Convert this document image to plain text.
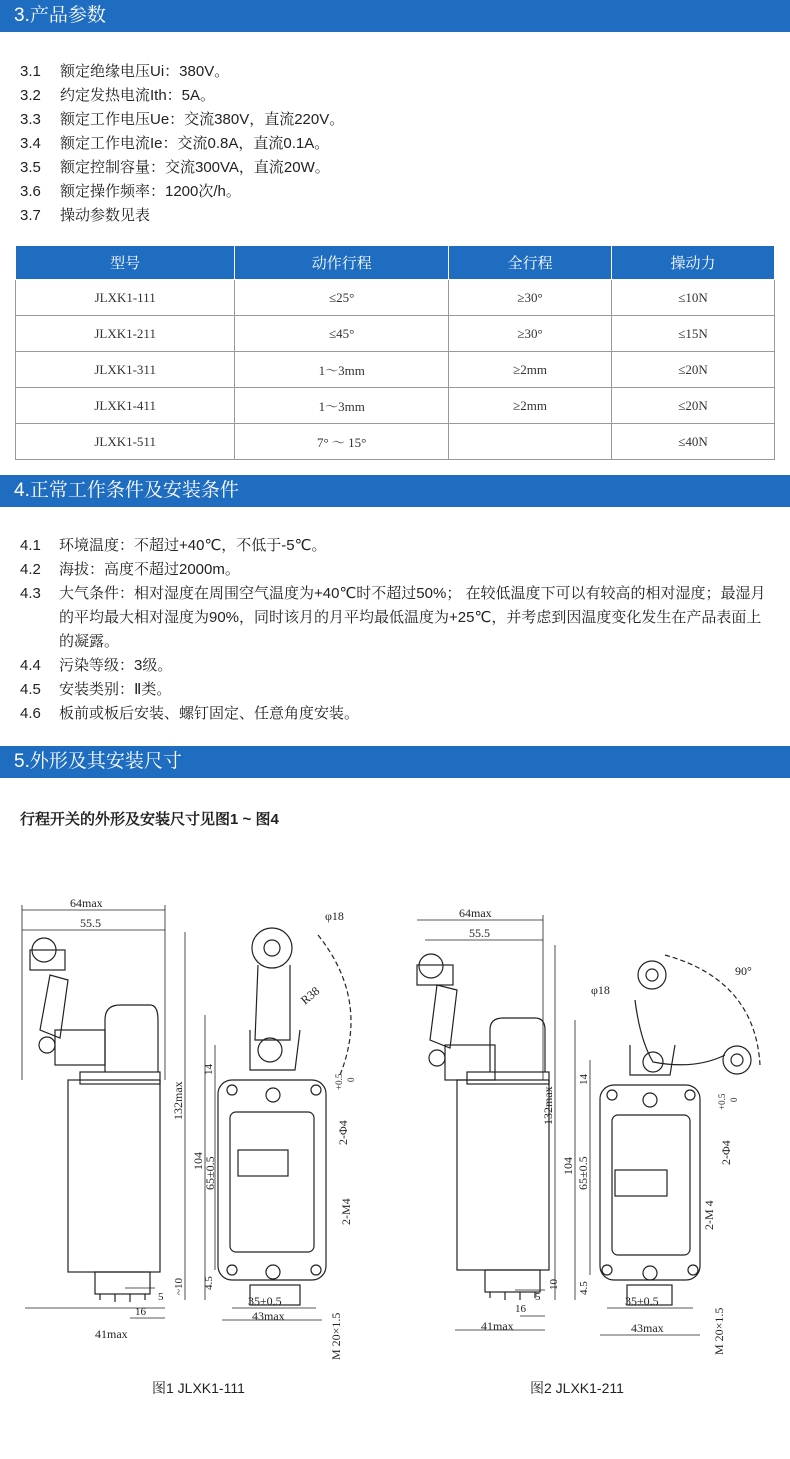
3.产品参数
3.1	额定绝缘电压Ui：380V。
3.2	约定发热电流Ith：5A。
3.3	额定工作电压Ue：交流380V，直流220V。
3.4	额定工作电流Ie：交流0.8A，直流0.1A。
3.5	额定控制容量：交流300VA，直流20W。
3.6	额定操作频率：1200次/h。
3.7	操动参数见表
型号	动作行程	全行程	操动力
JLXK1-111	≤25°	≥30°	≤10N
JLXK1-211	≤45°	≥30°	≤15N
JLXK1-311	1～3mm	≥2mm	≤20N
JLXK1-411	1～3mm	≥2mm	≤20N
JLXK1-511	7° ～ 15°		≤40N
4.正常工作条件及安装条件
4.1	环境温度：不超过+40℃，不低于-5℃。
4.2	海拔：高度不超过2000m。
4.3	大气条件：相对湿度在周围空气温度为+40℃时不超过50%； 在较低温度下可以有较高的相对湿度；最湿月的平均最大相对湿度为90%，同时该月的月平均最低温度为+25℃，并考虑到因温度变化发生在产品表面上的凝露。
4.4	污染等级：3级。
4.5	安装类别：Ⅱ类。
4.6	板前或板后安装、螺钉固定、任意角度安装。
5.外形及其安装尺寸
行程开关的外形及安装尺寸见图1 ~ 图4
64max
55.5	φ18
R38
132max
104
65±0.5
14
4.5
~10
2-Φ4
+0.5 0
2-M4
M 20×1.5
5
16
41max
35±0.5
43max
64max
55.5
φ18
90°
132max
104 65±0.5
14
4.5
10
2-Φ4
+0.5 0
2-M 4
M 20×1.5
5
16
41max
35±0.5
43max
图1 JLXK1-111	图2 JLXK1-211
